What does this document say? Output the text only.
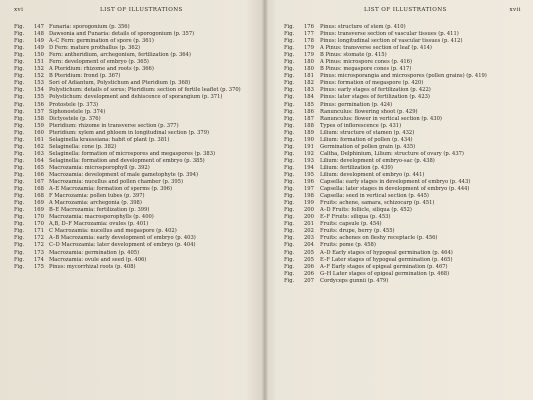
xvi	LIST OF ILLUSTRATIONS
Fig.	147 Funaria: sporogonium (p. 356)
Fig.	148 Dawsonia and Funaria: details of sporogonium (p. 357)
Fig.	149 A–C Fern: germination of spore (p. 361)
Fig.	149 D Fern: mature prothallus (p. 362)
Fig.	150 Fern: antheridium, archegonium, fertilization (p. 364)
Fig.	151 Fern: development of embryo (p. 365)
Fig.	152 A Pteridium: rhizome and roots (p. 366)
Fig.	152 B Pteridium: frond (p. 367)
Fig.	153 Sori of Adiantum, Polystichum and Pteridium (p. 368)
Fig.	154 Polystichum: details of sorus; Pteridium: section of fertile leaflet (p. 370)
Fig.	155 Polystichum: development and dehiscence of sporangium (p. 371)
Fig.	156 Protostele (p. 373)
Fig.	157 Siphonostele (p. 374)
Fig.	158 Dictyostele (p. 376)
Fig.	159 Pteridium: rhizome in transverse section (p. 377)
Fig.	160 Pteridium: xylem and phloem in longitudinal section (p. 379)
Fig.	161 Selaginella kraussiana: habit of plant (p. 381)
Fig.	162 Selaginella: cone (p. 382)
Fig.	163 Selaginella: formation of microspores and megaspores (p. 383)
Fig.	164 Selaginella: formation and development of embryo (p. 385)
Fig.	165 Macrozamia: microsporophyll (p. 392)
Fig.	166 Macrozamia: development of male gametophyte (p. 394)
Fig.	167 Macrozamia: nucellus and pollen chamber (p. 395)
Fig.	168 A–E Macrozamia: formation of sperms (p. 396)
Fig.	168 F Macrozamia: pollen tubes (p. 397)
Fig.	169 A Macrozamia: archegonia (p. 398)
Fig.	169 B–E Macrozamia: fertilization (p. 399)
Fig.	170 Macrozamia: macrosporophylls (p. 400)
Fig.	170 A,B, D–F Macrozamia: ovules (p. 401)
Fig.	171 C Macrozamia: nucellus and megaspore (p. 402)
Fig.	172 A–B Macrozamia: early development of embryo (p. 403)
Fig.	172 C–D Macrozamia: later development of embryo (p. 404)
Fig.	173 Macrozamia: germination (p. 405)
Fig.	174 Macrozamia: ovule and seed (p. 406)
Fig.	175 Pinus: mycorrhizal roots (p. 408)
LIST OF ILLUSTRATIONS	xvii
Fig.	176	Pinus: structure of stem (p. 410)
Fig.	177	Pinus: transverse section of vascular tissues (p. 411)
Fig.	178	Pinus: longitudinal section of vascular tissues (p. 412)
Fig.	179	A Pinus: transverse section of leaf (p. 414)
Fig.	179	B Pinus: stomate (p. 415)
Fig.	180	A Pinus: microspore cones (p. 416)
Fig.	180	B Pinus: megaspore cones (p. 417)
Fig.	181	Pinus: microsporangia and microspores (pollen grains) (p. 419)
Fig.	182	Pinus: formation of megaspore (p. 420)
Fig.	183	Pinus: early stages of fertilization (p. 422)
Fig.	184	Pinus: later stages of fertilization (p. 423)
Fig.	185	Pinus: germination (p. 424)
Fig.	186	Ranunculus: flowering shoot (p. 429)
Fig.	187	Ranunculus: flower in vertical section (p. 430)
Fig.	188	Types of inflorescence (p. 431)
Fig.	189	Lilium: structure of stamen (p. 432)
Fig.	190	Lilium: formation of pollen (p. 434)
Fig.	191	Germination of pollen grain (p. 435)
Fig.	192	Caltha, Delphinium, Lilium: structure of ovary (p. 437)
Fig.	193	Lilium: development of embryo-sac (p. 438)
Fig.	194	Lilium: fertilization (p. 439)
Fig.	195	Lilium: development of embryo (p. 441)
Fig.	196	Capsella: early stages in development of embryo (p. 443)
Fig.	197	Capsella: later stages in development of embryo (p. 444)
Fig.	198	Capsella: seed in vertical section (p. 445)
Fig.	199	Fruits: achene, samara, schizocarp (p. 451)
Fig.	200	A–D Fruits: follicle, siliqua (p. 452)
Fig.	200	E–F Fruits: siliqua (p. 453)
Fig.	201	Fruits: capsule (p. 454)
Fig.	202	Fruits: drupe, berry (p. 455)
Fig.	203	Fruits: achenes on fleshy receptacle (p. 456)
Fig.	204	Fruits: pome (p. 458)
Fig.	205	A–D Early stages of hypogeal germination (p. 464)
Fig.	205	E–F Later stages of hypogeal germination (p. 465)
Fig.	206	A–F Early stages of epigeal germination (p. 467)
Fig.	206	G–H Later stages of epigeal germination (p. 468)
Fig.	207	Cordyceps gunnii (p. 479)
